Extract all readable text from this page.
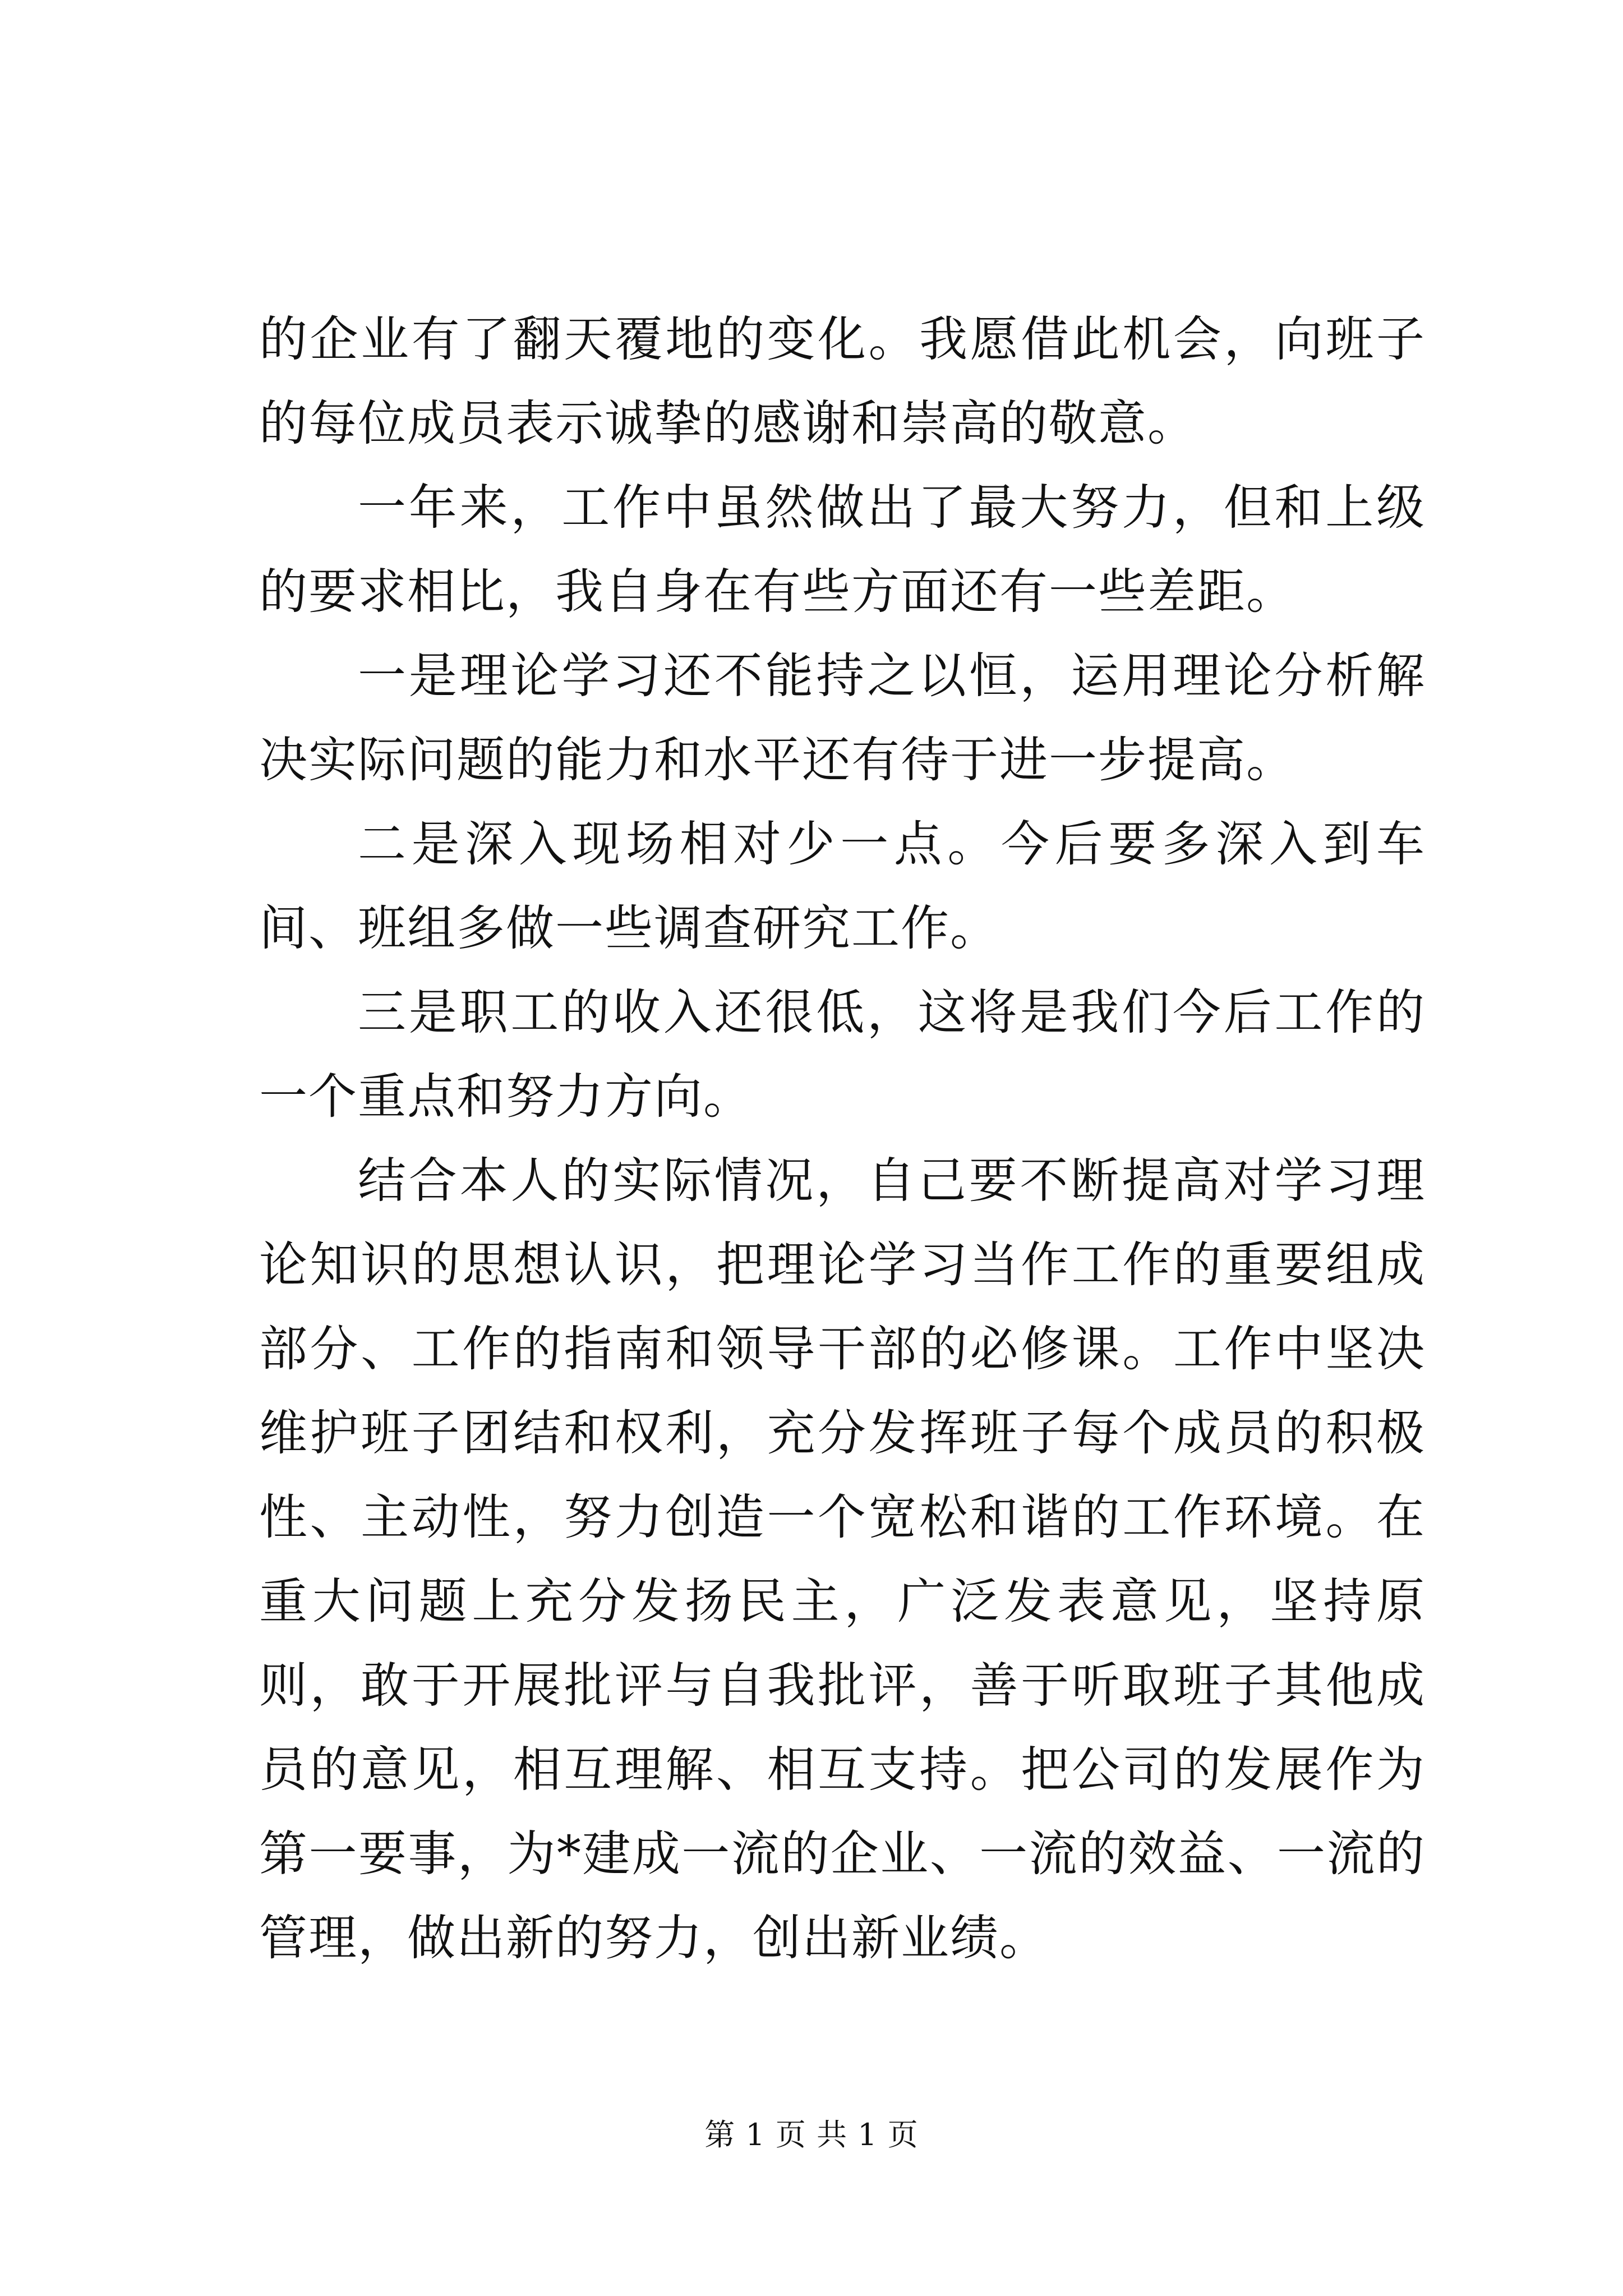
的企业有了翻天覆地的变化。我愿借此机会，向班子的每位成员表示诚挚的感谢和崇高的敬意。

一年来，工作中虽然做出了最大努力，但和上级的要求相比，我自身在有些方面还有一些差距。

一是理论学习还不能持之以恒，运用理论分析解决实际问题的能力和水平还有待于进一步提高。

二是深入现场相对少一点。今后要多深入到车间、班组多做一些调查研究工作。

三是职工的收入还很低，这将是我们今后工作的一个重点和努力方向。

结合本人的实际情况，自己要不断提高对学习理论知识的思想认识，把理论学习当作工作的重要组成部分、工作的指南和领导干部的必修课。工作中坚决维护班子团结和权利，充分发挥班子每个成员的积极性、主动性，努力创造一个宽松和谐的工作环境。在重大问题上充分发扬民主，广泛发表意见，坚持原则，敢于开展批评与自我批评，善于听取班子其他成员的意见，相互理解、相互支持。把公司的发展作为第一要事，为*建成一流的企业、一流的效益、一流的管理，做出新的努力，创出新业绩。

第 1 页 共 1 页
